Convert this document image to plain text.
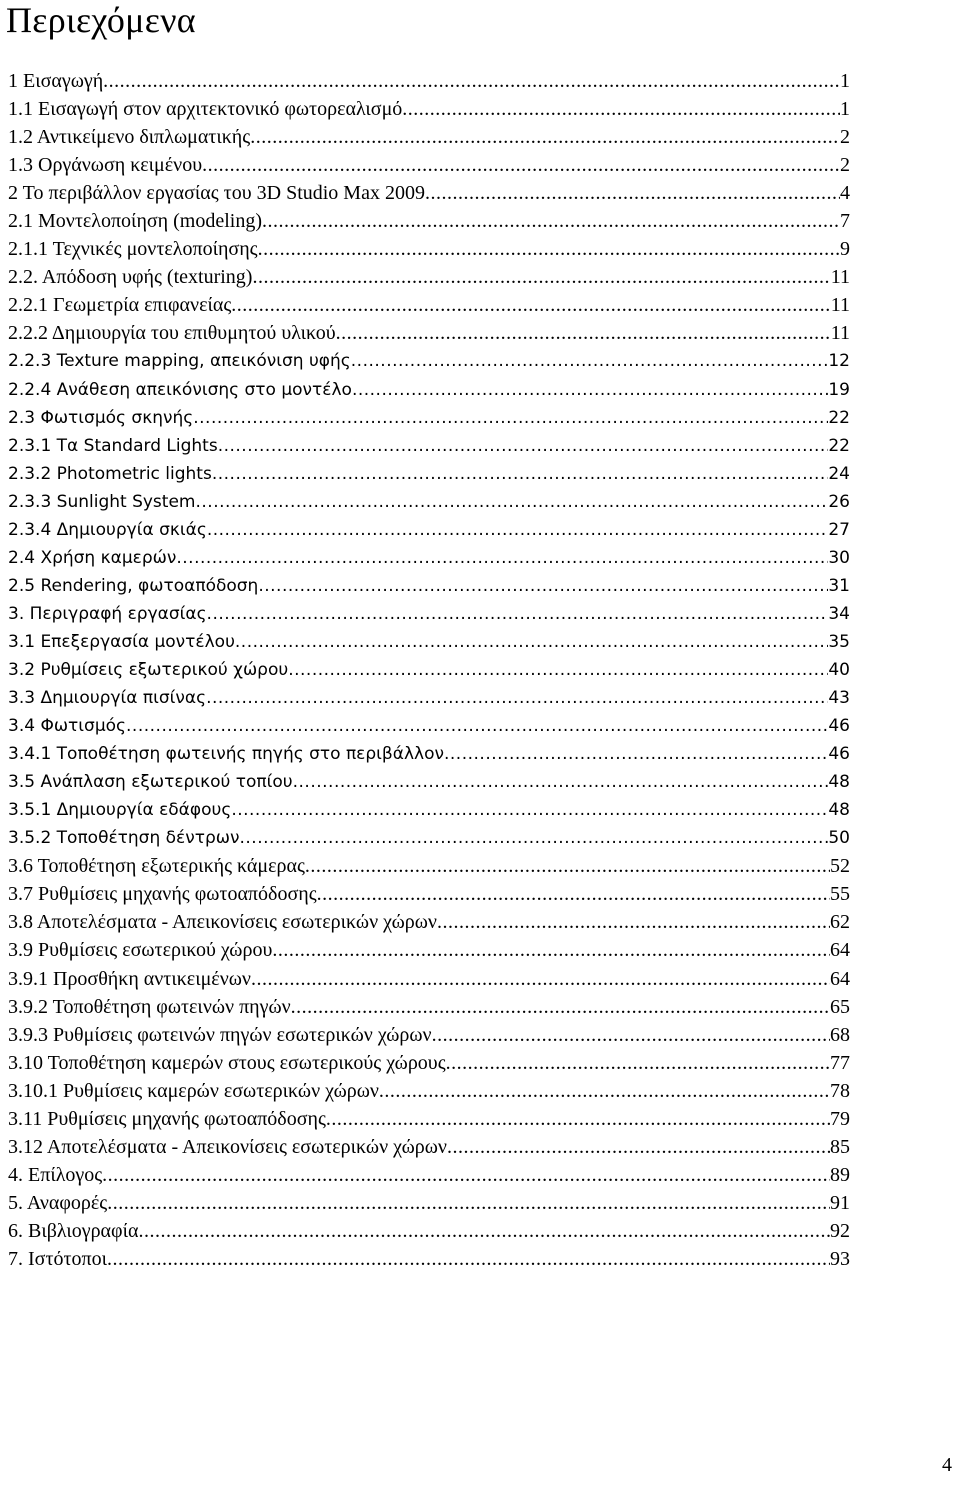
Περιεχόμενα
1 Εισαγωγή .....	1
1.1 Εισαγωγή στον αρχιτεκτονικό φωτορεαλισμό .....	1
1.2 Αντικείμενο διπλωματικής .....	2
1.3 Οργάνωση κειμένου .....	2
2 Το περιβάλλον εργασίας του 3D Studio Max 2009 .....	4
2.1 Μοντελοποίηση (modeling) .....	7
2.1.1 Τεχνικές μοντελοποίησης .....	9
2.2. Απόδοση υφής (texturing) .....	11
2.2.1 Γεωμετρία επιφανείας .....	11
2.2.2 Δημιουργία του επιθυμητού υλικού .....	11
2.2.3 Texture mapping, απεικόνιση υφής .....	12
2.2.4 Ανάθεση απεικόνισης στο μοντέλο .....	19
2.3 Φωτισμός σκηνής .....	22
2.3.1 Τα Standard Lights .....	22
2.3.2 Photometric lights .....	24
2.3.3 Sunlight System .....	26
2.3.4 Δημιουργία σκιάς .....	27
2.4 Χρήση καμερών .....	30
2.5 Rendering, φωτοαπόδοση .....	31
3. Περιγραφή εργασίας .....	34
3.1 Επεξεργασία μοντέλου .....	35
3.2 Ρυθμίσεις εξωτερικού χώρου .....	40
3.3 Δημιουργία πισίνας .....	43
3.4 Φωτισμός .....	46
3.4.1 Τοποθέτηση φωτεινής πηγής στο περιβάλλον .....	46
3.5 Ανάπλαση εξωτερικού τοπίου .....	48
3.5.1 Δημιουργία εδάφους .....	48
3.5.2 Τοποθέτηση δέντρων .....	50
3.6 Τοποθέτηση εξωτερικής κάμερας .....	52
3.7 Ρυθμίσεις μηχανής φωτοαπόδοσης .....	55
3.8 Αποτελέσματα - Απεικονίσεις εσωτερικών χώρων .....	62
3.9 Ρυθμίσεις εσωτερικού χώρου .....	64
3.9.1 Προσθήκη αντικειμένων .....	64
3.9.2 Τοποθέτηση φωτεινών πηγών .....	65
3.9.3 Ρυθμίσεις φωτεινών πηγών εσωτερικών χώρων .....	68
3.10 Τοποθέτηση καμερών στους εσωτερικούς χώρους .....	77
3.10.1 Ρυθμίσεις καμερών εσωτερικών χώρων .....	78
3.11 Ρυθμίσεις μηχανής φωτοαπόδοσης .....	79
3.12 Αποτελέσματα - Απεικονίσεις εσωτερικών χώρων .....	85
4. Επίλογος .....	89
5. Αναφορές .....	91
6. Βιβλιογραφία .....	92
7. Ιστότοποι .....	93
4
